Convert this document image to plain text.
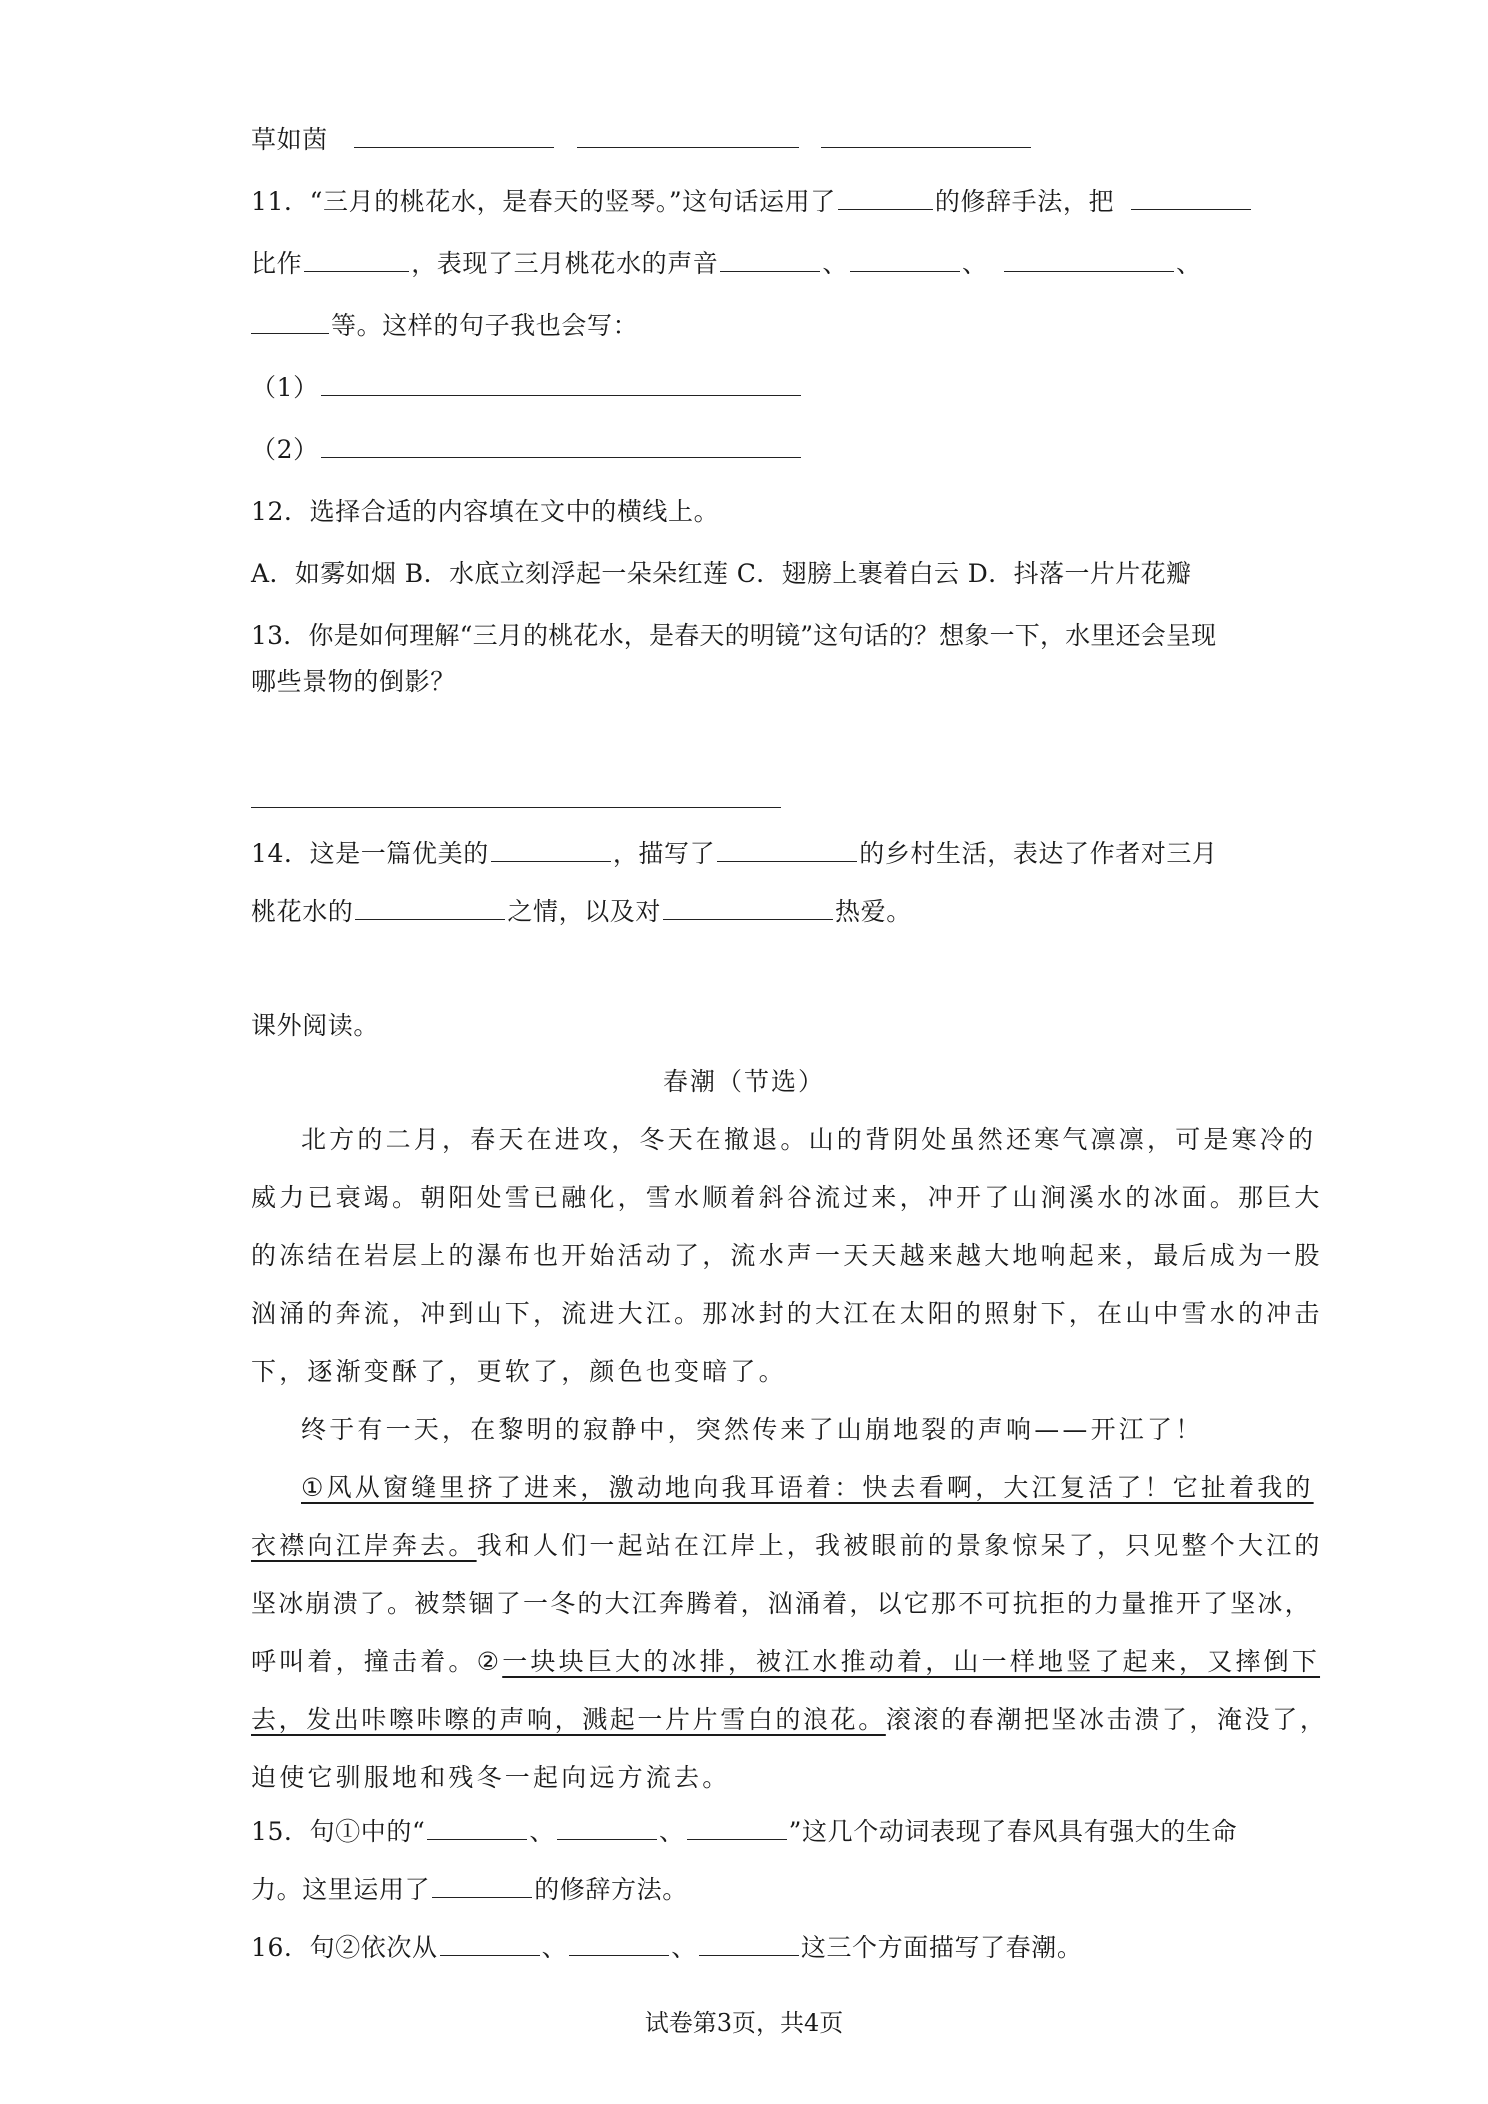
草如茵
11．“三月的桃花水，是春天的竖琴。”这句话运用了	的修辞手法，把
比作	，表现了三月桃花水的声音	、	、	、
等。这样的句子我也会写：
（1）
（2）
12．选择合适的内容填在文中的横线上。
A．如雾如烟 B．水底立刻浮起一朵朵红莲 C．翅膀上裹着白云 D．抖落一片片花瓣
13．你是如何理解“三月的桃花水，是春天的明镜”这句话的？想象一下，水里还会呈现
哪些景物的倒影？
14．这是一篇优美的	，描写了	的乡村生活，表达了作者对三月
桃花水的	之情，以及对	热爱。
课外阅读。
春潮（节选）
北方的二月，春天在进攻，冬天在撤退。山的背阴处虽然还寒气凛凛，可是寒冷的
威力已衰竭。朝阳处雪已融化，雪水顺着斜谷流过来，冲开了山涧溪水的冰面。那巨大
的冻结在岩层上的瀑布也开始活动了，流水声一天天越来越大地响起来，最后成为一股
汹涌的奔流，冲到山下，流进大江。那冰封的大江在太阳的照射下，在山中雪水的冲击
下，逐渐变酥了，更软了，颜色也变暗了。
终于有一天，在黎明的寂静中，突然传来了山崩地裂的声响——开江了！
①风从窗缝里挤了进来，激动地向我耳语着：快去看啊，大江复活了！它扯着我的
衣襟向江岸奔去。我和人们一起站在江岸上，我被眼前的景象惊呆了，只见整个大江的
坚冰崩溃了。被禁锢了一冬的大江奔腾着，汹涌着，以它那不可抗拒的力量推开了坚冰，
呼叫着，撞击着。②一块块巨大的冰排，被江水推动着，山一样地竖了起来，又摔倒下
去，发出咔嚓咔嚓的声响，溅起一片片雪白的浪花。滚滚的春潮把坚冰击溃了，淹没了，
迫使它驯服地和残冬一起向远方流去。
15．句①中的“	、	、	”这几个动词表现了春风具有强大的生命
力。这里运用了	的修辞方法。
16．句②依次从	、	、	这三个方面描写了春潮。
试卷第3页，共4页
